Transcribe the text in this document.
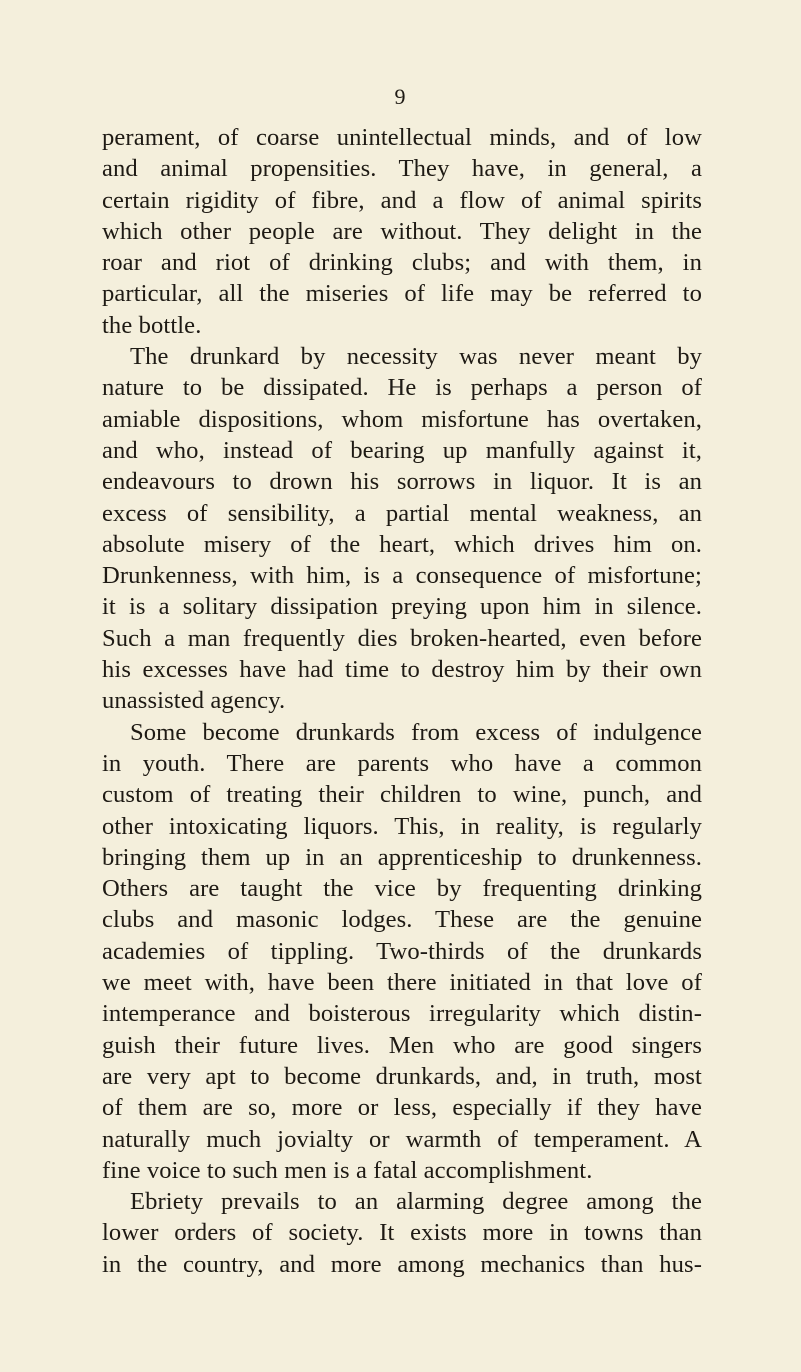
9
perament, of coarse unintellectual minds, and of low
and animal propensities. They have, in general, a
certain rigidity of fibre, and a flow of animal spirits
which other people are without. They delight in the
roar and riot of drinking clubs; and with them, in
particular, all the miseries of life may be referred to
the bottle.
The drunkard by necessity was never meant by
nature to be dissipated. He is perhaps a person of
amiable dispositions, whom misfortune has overtaken,
and who, instead of bearing up manfully against it,
endeavours to drown his sorrows in liquor. It is an
excess of sensibility, a partial mental weakness, an
absolute misery of the heart, which drives him on.
Drunkenness, with him, is a consequence of misfortune;
it is a solitary dissipation preying upon him in silence.
Such a man frequently dies broken-hearted, even before
his excesses have had time to destroy him by their own
unassisted agency.
Some become drunkards from excess of indulgence
in youth. There are parents who have a common
custom of treating their children to wine, punch, and
other intoxicating liquors. This, in reality, is regularly
bringing them up in an apprenticeship to drunkenness.
Others are taught the vice by frequenting drinking
clubs and masonic lodges. These are the genuine
academies of tippling. Two-thirds of the drunkards
we meet with, have been there initiated in that love of
intemperance and boisterous irregularity which distin-
guish their future lives. Men who are good singers
are very apt to become drunkards, and, in truth, most
of them are so, more or less, especially if they have
naturally much jovialty or warmth of temperament. A
fine voice to such men is a fatal accomplishment.
Ebriety prevails to an alarming degree among the
lower orders of society. It exists more in towns than
in the country, and more among mechanics than hus-
